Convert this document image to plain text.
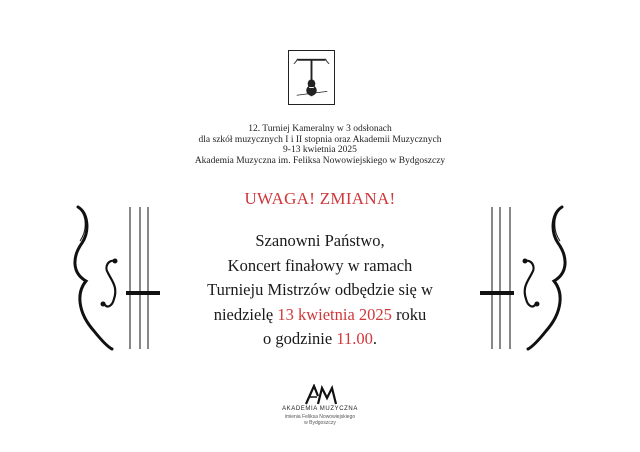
12. Turniej Kameralny w 3 odsłonach
dla szkół muzycznych I i II stopnia oraz Akademii Muzycznych
9-13 kwietnia 2025
Akademia Muzyczna im. Feliksa Nowowiejskiego w Bydgoszczy
UWAGA! ZMIANA!
Szanowni Państwo,
Koncert finałowy w ramach
Turnieju Mistrzów odbędzie się w
niedzielę 13 kwietnia 2025 roku
o godzinie 11.00.
AKADEMIA MUZYCZNA
imienia Feliksa Nowowiejskiego
w Bydgoszczy
